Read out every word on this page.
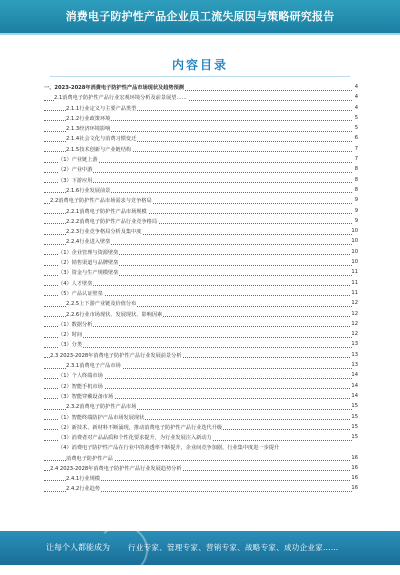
消费电子防护性产品企业员工流失原因与策略研究报告
内容目录
一、2023-2028年消费电子防护性产品市场现状及趋势预测	4
2.1消费电子防护性产品行业宏观环境分析及前景展望……	4
2.1.1行业定义与主要产品类型	4
2.1.2行业政策环境	5
2.1.3经济环境影响	5
2.1.4社会文化与消费习惯变迁	6
2.1.5技术创新与产业链结构	7
（1）产业链上游	7
（2）产业中游	8
（3）下游应用	8
2.1.6行业发展前景	8
2.2消费电子防护性产品市场需求与竞争格局	9
2.2.1消费电子防护性产品市场规模	9
2.2.2消费电子防护性产品行业竞争格局	9
2.2.3行业竞争格局分析及集中度	10
2.2.4行业进入壁垒	10
（1）企业管理与资源壁垒	10
（2）销售渠道与品牌壁垒	10
（3）资金与生产规模壁垒	11
（4）人才壁垒	11
（5）产品认证壁垒	11
2.2.5上下游产业链及价值分布	12
2.2.6行业市场现状、发展现状、影响因素	12
（1）数据分析	12
（2）时间	12
（3）分类	13
2.3 2023-2028年消费电子防护性产品行业发展前景分析	13
2.3.1消费电子产品市场	13
（1）个人终端市场	14
（2）智能手机市场	14
（3）智能穿戴设备市场	14
2.3.2消费电子防护性产品市场	15
（1）智能终端防护产品市场发展现状	15
（2）新技术、新材料不断涌现，推动消费电子防护性产品行业迭代升级	15
（3）消费者对产品品质和个性化要求提升，为行业发展注入新动力	15
（4）消费电子防护性产品在行业中的渗透率不断提升，企业间竞争加剧，行业集中度进一步提升
消费电子防护性产品	16
2.4 2023-2028年消费电子防护性产品行业发展趋势分析	16
2.4.1行业规模	16
2.4.2行业趋势	16
让每个人都能成为 行业专家、管理专家、营销专家、战略专家、成功企业家……
